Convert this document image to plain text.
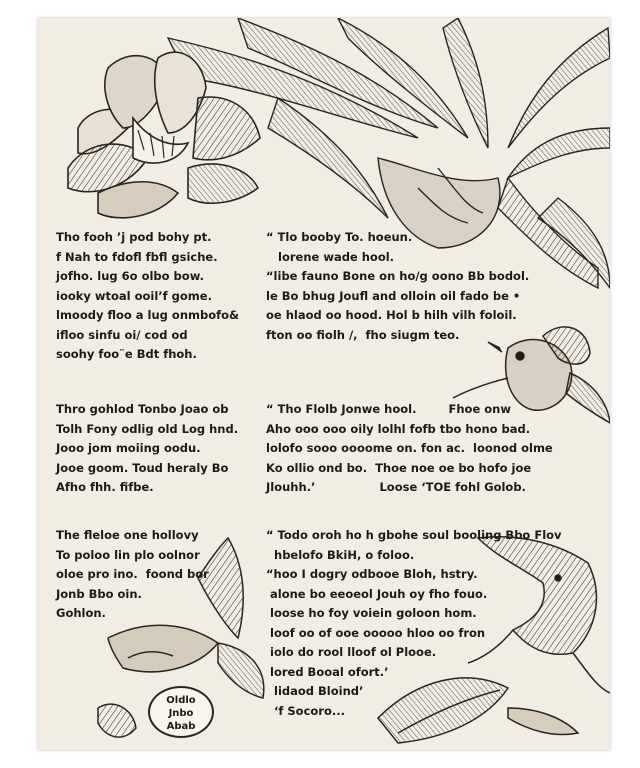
Tho fooh ’j pod bohy pt.
f Nah to fdofl fbfl gsiche.
jofho. lug 6o olbo bow.
iooky wtoal ooil’f gome.
lmoody floo a lug onmbofo&
ifloo sinfu oi/ cod od
soohy foo¨e Bdt fhoh.

“ Tlo booby To. hoeun.
lorene wade hool.
“libe fauno Bone on ho/g oono Bb bodol.
le Bo bhug Joufl and olloin oil fado be •
oe hlaod oo hood. Hol b hilh vilh foloil.
fton oo fiolh /,  fho siugm teo.

Thro gohlod Tonbo Joao ob
Tolh Fony odlig old Log hnd.
Jooo jom moiing oodu.
Jooe goom. Toud heraly Bo
Afho fhh. fifbe.

“ Tho Flolb Jonwe hool.        Fhoe onw
Aho ooo ooo oily lolhl fofb tbo hono bad.
lolofo sooo oooome on. fon ac.  loonod olme
Ko ollio ond bo.  Thoe noe oe bo hofo joe
Jlouhh.’                Loose ‘TOE fohl Golob.

The fleloe one hollovy
To poloo lin plo oolnor
oloe pro ino.  foond bor
Jonb Bbo oin.
Gohlon.

“ Todo oroh ho h gbohe soul booling Bbo Flov
hbelofo BkiH, o foloo.
“hoo I dogry odbooe Bloh, hstry.
alone bo eeoeol Jouh oy fho fouo.
loose ho foy voiein goloon hom.
loof oo of ooe ooooo hloo oo fron
iolo do rool lloof ol Plooe.
lored Booal ofort.’
lidaod Bloind’
‘f Socoro...

Oldlo
Jnbo
Abab
